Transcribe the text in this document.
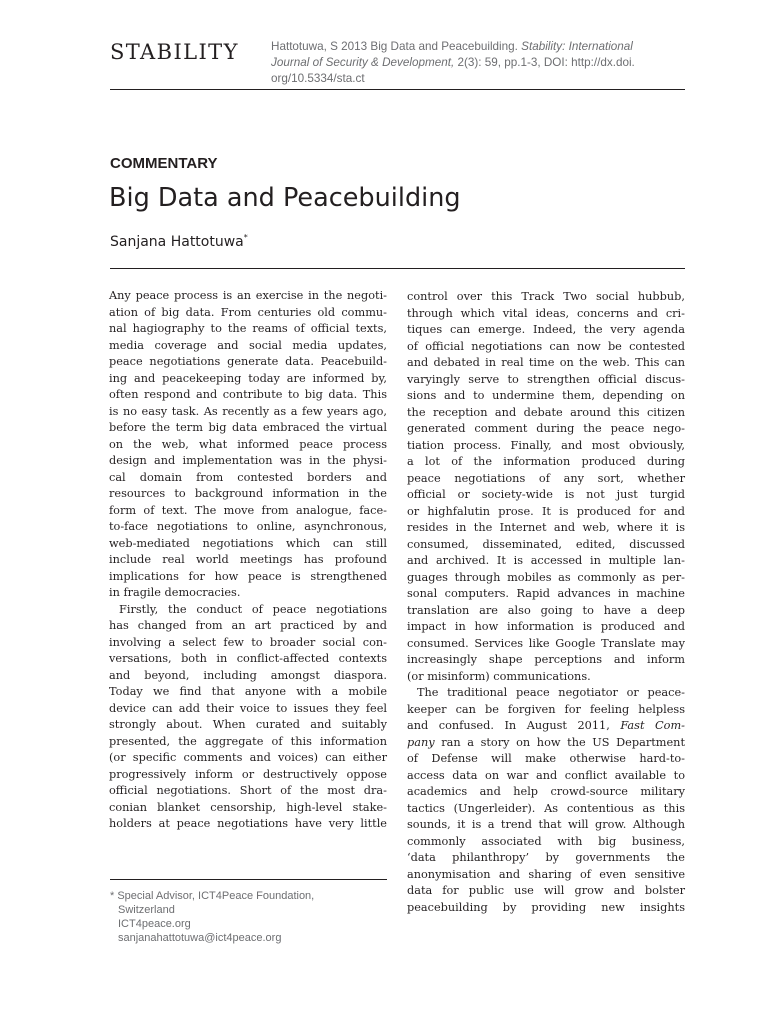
STABILITY	Hattotuwa, S 2013 Big Data and Peacebuilding. Stability: International
Journal of Security & Development, 2(3): 59, pp.1-3, DOI: http://dx.doi.
org/10.5334/sta.ct
COMMENTARY
Big Data and Peacebuilding
Sanjana Hattotuwa*
Any peace process is an exercise in the negoti-
ation of big data. From centuries old commu-
nal hagiography to the reams of official texts,
media coverage and social media updates,
peace negotiations generate data. Peacebuild-
ing and peacekeeping today are informed by,
often respond and contribute to big data. This
is no easy task. As recently as a few years ago,
before the term big data embraced the virtual
on the web, what informed peace process
design and implementation was in the physi-
cal domain from contested borders and
resources to background information in the
form of text. The move from analogue, face-
to-face negotiations to online, asynchronous,
web-mediated negotiations which can still
include real world meetings has profound
implications for how peace is strengthened
in fragile democracies.
Firstly, the conduct of peace negotiations
has changed from an art practiced by and
involving a select few to broader social con-
versations, both in conflict-affected contexts
and beyond, including amongst diaspora.
Today we find that anyone with a mobile
device can add their voice to issues they feel
strongly about. When curated and suitably
presented, the aggregate of this information
(or specific comments and voices) can either
progressively inform or destructively oppose
official negotiations. Short of the most dra-
conian blanket censorship, high-level stake-
holders at peace negotiations have very little
control over this Track Two social hubbub,
through which vital ideas, concerns and cri-
tiques can emerge. Indeed, the very agenda
of official negotiations can now be contested
and debated in real time on the web. This can
varyingly serve to strengthen official discus-
sions and to undermine them, depending on
the reception and debate around this citizen
generated comment during the peace nego-
tiation process. Finally, and most obviously,
a lot of the information produced during
peace negotiations of any sort, whether
official or society-wide is not just turgid
or highfalutin prose. It is produced for and
resides in the Internet and web, where it is
consumed, disseminated, edited, discussed
and archived. It is accessed in multiple lan-
guages through mobiles as commonly as per-
sonal computers. Rapid advances in machine
translation are also going to have a deep
impact in how information is produced and
consumed. Services like Google Translate may
increasingly shape perceptions and inform
(or misinform) communications.
The traditional peace negotiator or peace-
keeper can be forgiven for feeling helpless
and confused. In August 2011, Fast Com-
pany ran a story on how the US Department
of Defense will make otherwise hard-to-
access data on war and conflict available to
academics and help crowd-source military
tactics (Ungerleider). As contentious as this
sounds, it is a trend that will grow. Although
commonly associated with big business,
‘data philanthropy’ by governments the
anonymisation and sharing of even sensitive
data for public use will grow and bolster
peacebuilding by providing new insights
* Special Advisor, ICT4Peace Foundation,
Switzerland
ICT4peace.org
sanjanahattotuwa@ict4peace.org
